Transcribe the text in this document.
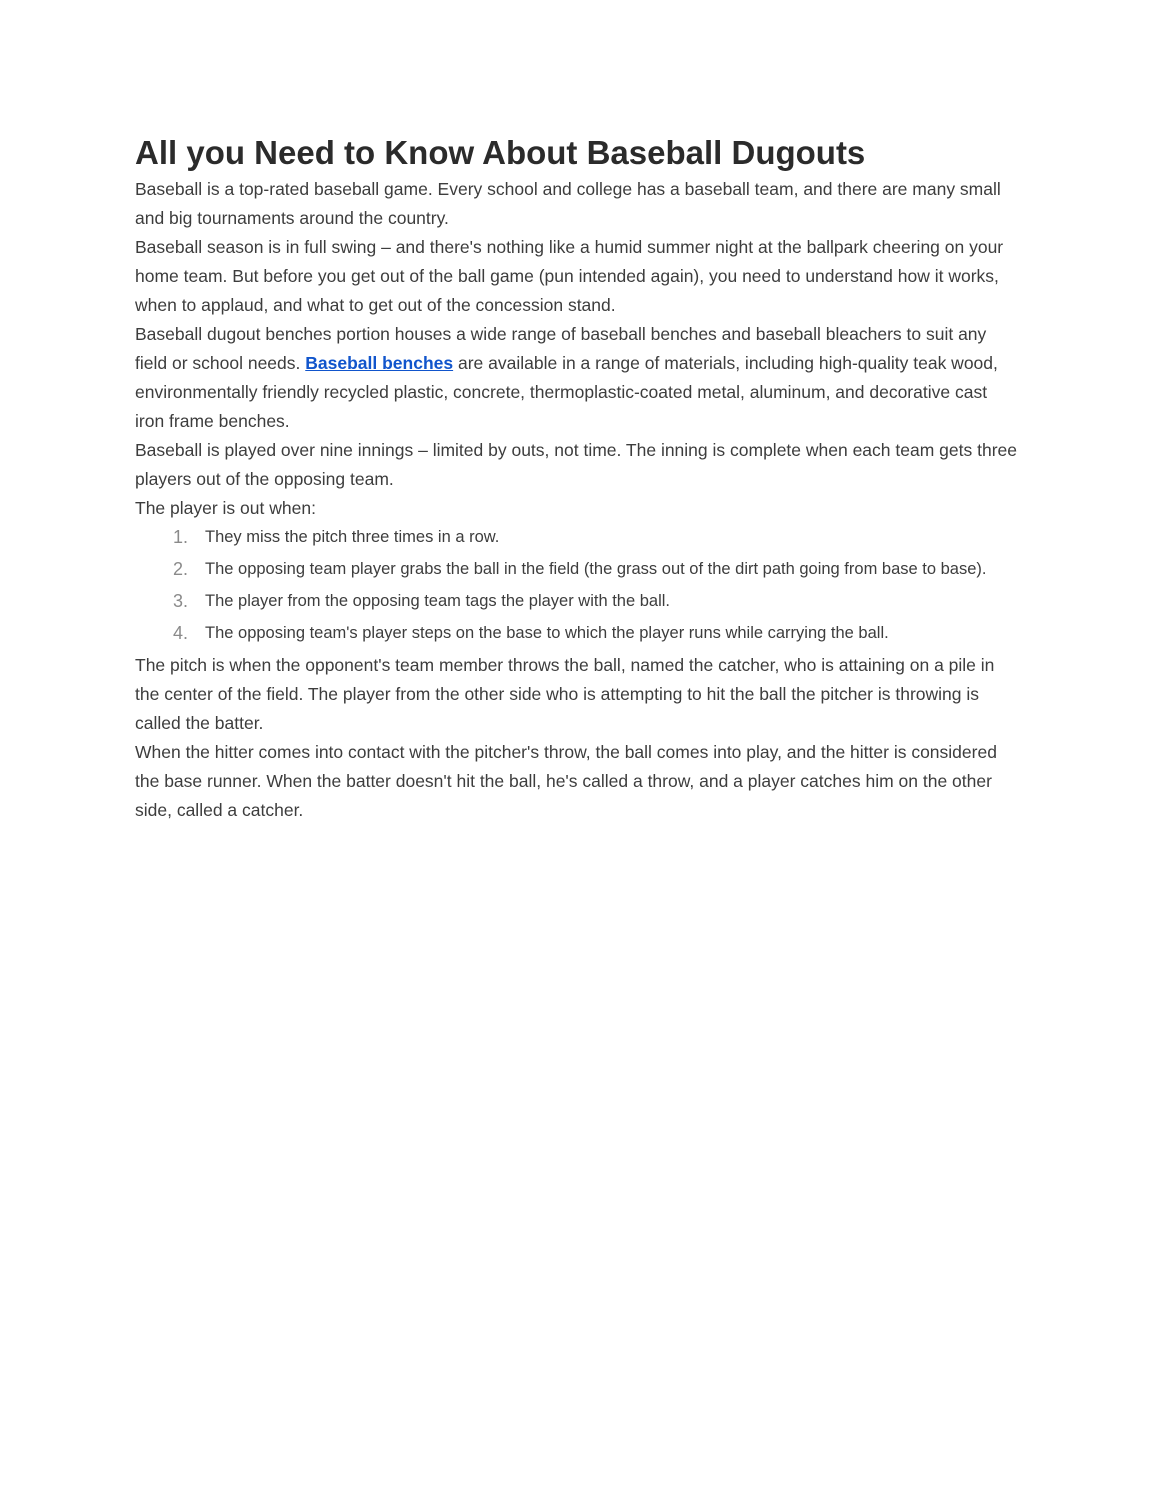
All you Need to Know About Baseball Dugouts

Baseball is a top-rated baseball game. Every school and college has a baseball team, and there are many small and big tournaments around the country.

Baseball season is in full swing – and there's nothing like a humid summer night at the ballpark cheering on your home team. But before you get out of the ball game (pun intended again), you need to understand how it works, when to applaud, and what to get out of the concession stand.

Baseball dugout benches portion houses a wide range of baseball benches and baseball bleachers to suit any field or school needs. Baseball benches are available in a range of materials, including high-quality teak wood, environmentally friendly recycled plastic, concrete, thermoplastic-coated metal, aluminum, and decorative cast iron frame benches.

Baseball is played over nine innings – limited by outs, not time. The inning is complete when each team gets three players out of the opposing team.
The player is out when:

1.	They miss the pitch three times in a row.
2.	The opposing team player grabs the ball in the field (the grass out of the dirt path going from base to base).
3.	The player from the opposing team tags the player with the ball.
4.	The opposing team's player steps on the base to which the player runs while carrying the ball.

The pitch is when the opponent's team member throws the ball, named the catcher, who is attaining on a pile in the center of the field. The player from the other side who is attempting to hit the ball the pitcher is throwing is called the batter.

When the hitter comes into contact with the pitcher's throw, the ball comes into play, and the hitter is considered the base runner. When the batter doesn't hit the ball, he's called a throw, and a player catches him on the other side, called a catcher.
